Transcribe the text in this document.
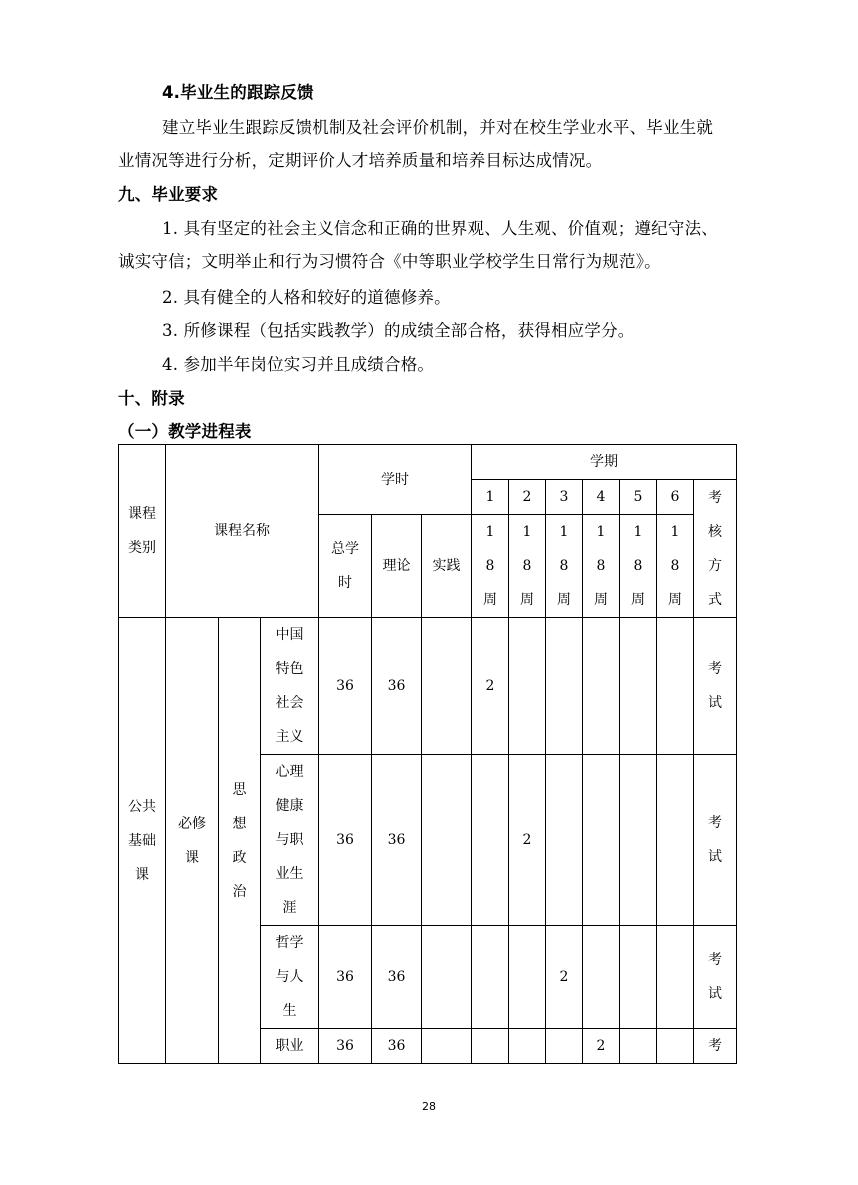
4.毕业生的跟踪反馈
建立毕业生跟踪反馈机制及社会评价机制，并对在校生学业水平、毕业生就
业情况等进行分析，定期评价人才培养质量和培养目标达成情况。
九、毕业要求
1. 具有坚定的社会主义信念和正确的世界观、人生观、价值观；遵纪守法、
诚实守信；文明举止和行为习惯符合《中等职业学校学生日常行为规范》。
2. 具有健全的人格和较好的道德修养。
3. 所修课程（包括实践教学）的成绩全部合格，获得相应学分。
4. 参加半年岗位实习并且成绩合格。
十、附录
（一）教学进程表
课程类别	课程名称			学时			学期						
							1	2	3	4	5	6	考核方式
				总学时	理论	实践	18周	18周	18周	18周	18周	18周	
公共基础课	必修课	思想政治	中国特色社会主义	36	36		2						考试
			心理健康与职业生涯	36	36			2					考试
			哲学与人生	36	36				2				考试
			职业	36	36					2			考
28
